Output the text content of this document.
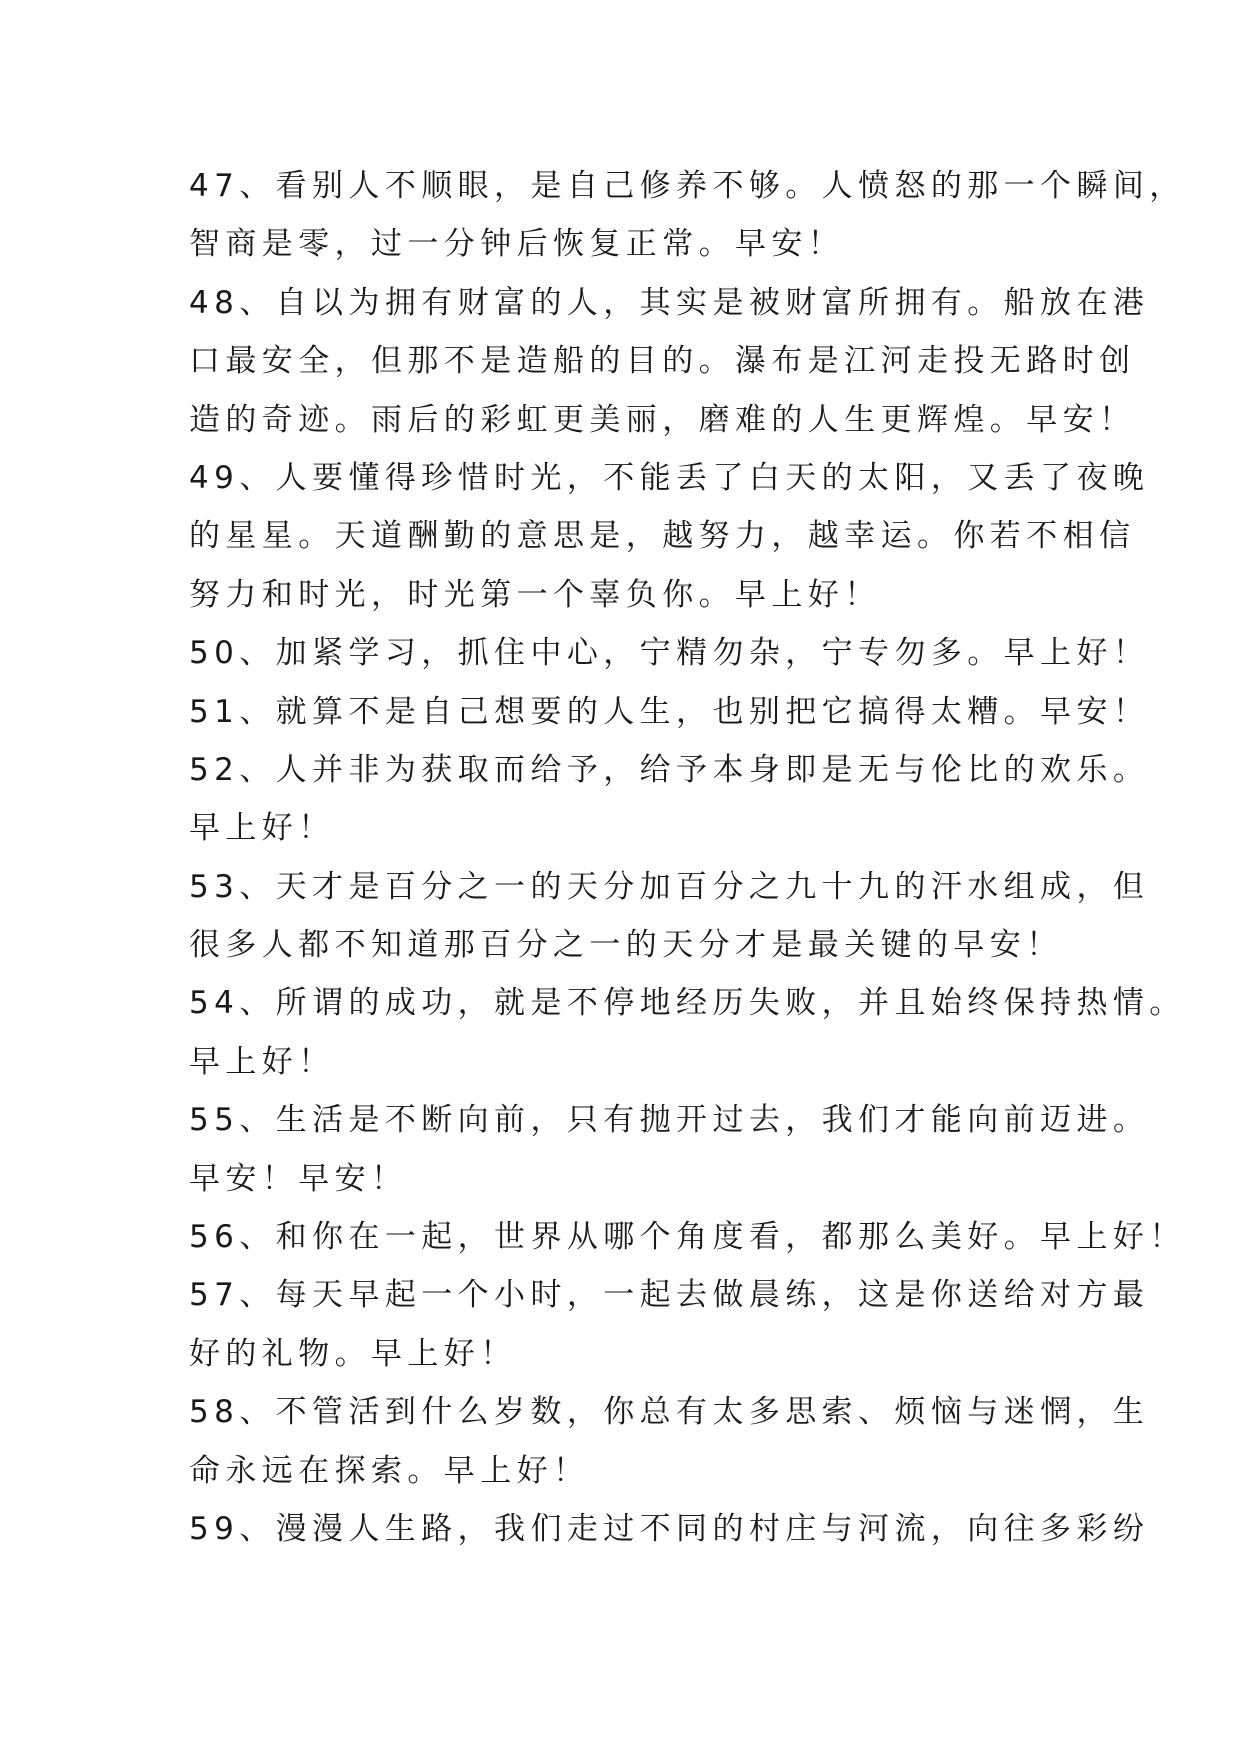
47、看别人不顺眼，是自己修养不够。人愤怒的那一个瞬间，
智商是零，过一分钟后恢复正常。早安！
48、自以为拥有财富的人，其实是被财富所拥有。船放在港
口最安全，但那不是造船的目的。瀑布是江河走投无路时创
造的奇迹。雨后的彩虹更美丽，磨难的人生更辉煌。早安！
49、人要懂得珍惜时光，不能丢了白天的太阳，又丢了夜晚
的星星。天道酬勤的意思是，越努力，越幸运。你若不相信
努力和时光，时光第一个辜负你。早上好！
50、加紧学习，抓住中心，宁精勿杂，宁专勿多。早上好！
51、就算不是自己想要的人生，也别把它搞得太糟。早安！
52、人并非为获取而给予，给予本身即是无与伦比的欢乐。
早上好！
53、天才是百分之一的天分加百分之九十九的汗水组成，但
很多人都不知道那百分之一的天分才是最关键的早安！
54、所谓的成功，就是不停地经历失败，并且始终保持热情。
早上好！
55、生活是不断向前，只有抛开过去，我们才能向前迈进。
早安！早安！
56、和你在一起，世界从哪个角度看，都那么美好。早上好！
57、每天早起一个小时，一起去做晨练，这是你送给对方最
好的礼物。早上好！
58、不管活到什么岁数，你总有太多思索、烦恼与迷惘，生
命永远在探索。早上好！
59、漫漫人生路，我们走过不同的村庄与河流，向往多彩纷
